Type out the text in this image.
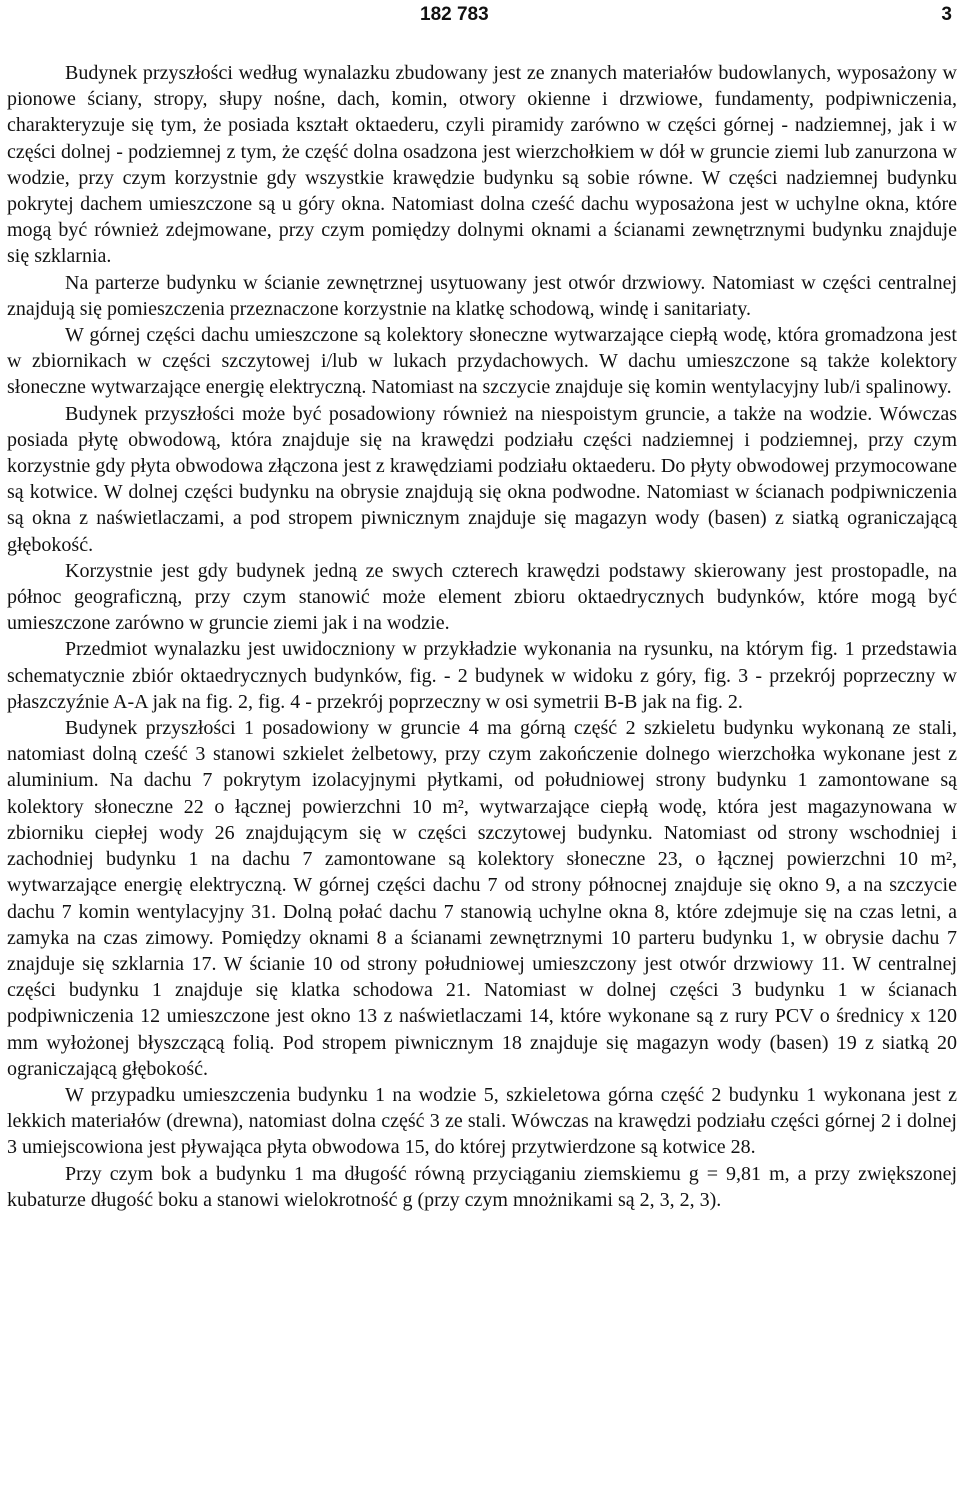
182 783	3

Budynek przyszłości według wynalazku zbudowany jest ze znanych materiałów budowlanych, wyposażony w pionowe ściany, stropy, słupy nośne, dach, komin, otwory okienne i drzwiowe, fundamenty, podpiwniczenia, charakteryzuje się tym, że posiada kształt oktaederu, czyli piramidy zarówno w części górnej - nadziemnej, jak i w części dolnej - podziemnej z tym, że część dolna osadzona jest wierzchołkiem w dół w gruncie ziemi lub zanurzona w wodzie, przy czym korzystnie gdy wszystkie krawędzie budynku są sobie równe. W części nadziemnej budynku pokrytej dachem umieszczone są u góry okna. Natomiast dolna cześć dachu wyposażona jest w uchylne okna, które mogą być również zdejmowane, przy czym pomiędzy dolnymi oknami a ścianami zewnętrznymi budynku znajduje się szklarnia.

Na parterze budynku w ścianie zewnętrznej usytuowany jest otwór drzwiowy. Natomiast w części centralnej znajdują się pomieszczenia przeznaczone korzystnie na klatkę schodową, windę i sanitariaty.

W górnej części dachu umieszczone są kolektory słoneczne wytwarzające ciepłą wodę, która gromadzona jest w zbiornikach w części szczytowej i/lub w lukach przydachowych. W dachu umieszczone są także kolektory słoneczne wytwarzające energię elektryczną. Natomiast na szczycie znajduje się komin wentylacyjny lub/i spalinowy.

Budynek przyszłości może być posadowiony również na niespoistym gruncie, a także na wodzie. Wówczas posiada płytę obwodową, która znajduje się na krawędzi podziału części nadziemnej i podziemnej, przy czym korzystnie gdy płyta obwodowa złączona jest z krawędziami podziału oktaederu. Do płyty obwodowej przymocowane są kotwice. W dolnej części budynku na obrysie znajdują się okna podwodne. Natomiast w ścianach podpiwniczenia są okna z naświetlaczami, a pod stropem piwnicznym znajduje się magazyn wody (basen) z siatką ograniczającą głębokość.

Korzystnie jest gdy budynek jedną ze swych czterech krawędzi podstawy skierowany jest prostopadle, na północ geograficzną, przy czym stanowić może element zbioru oktaedrycznych budynków, które mogą być umieszczone zarówno w gruncie ziemi jak i na wodzie.

Przedmiot wynalazku jest uwidoczniony w przykładzie wykonania na rysunku, na którym fig. 1 przedstawia schematycznie zbiór oktaedrycznych budynków, fig. - 2 budynek w widoku z góry, fig. 3 - przekrój poprzeczny w płaszczyźnie A-A jak na fig. 2, fig. 4 - przekrój poprzeczny w osi symetrii B-B jak na fig. 2.

Budynek przyszłości 1 posadowiony w gruncie 4 ma górną część 2 szkieletu budynku wykonaną ze stali, natomiast dolną cześć 3 stanowi szkielet żelbetowy, przy czym zakończenie dolnego wierzchołka wykonane jest z aluminium. Na dachu 7 pokrytym izolacyjnymi płytkami, od południowej strony budynku 1 zamontowane są kolektory słoneczne 22 o łącznej powierzchni 10 m², wytwarzające ciepłą wodę, która jest magazynowana w zbiorniku ciepłej wody 26 znajdującym się w części szczytowej budynku. Natomiast od strony wschodniej i zachodniej budynku 1 na dachu 7 zamontowane są kolektory słoneczne 23, o łącznej powierzchni 10 m², wytwarzające energię elektryczną. W górnej części dachu 7 od strony północnej znajduje się okno 9, a na szczycie dachu 7 komin wentylacyjny 31. Dolną połać dachu 7 stanowią uchylne okna 8, które zdejmuje się na czas letni, a zamyka na czas zimowy. Pomiędzy oknami 8 a ścianami zewnętrznymi 10 parteru budynku 1, w obrysie dachu 7 znajduje się szklarnia 17. W ścianie 10 od strony południowej umieszczony jest otwór drzwiowy 11. W centralnej części budynku 1 znajduje się klatka schodowa 21. Natomiast w dolnej części 3 budynku 1 w ścianach podpiwniczenia 12 umieszczone jest okno 13 z naświetlaczami 14, które wykonane są z rury PCV o średnicy x 120 mm wyłożonej błyszczącą folią. Pod stropem piwnicznym 18 znajduje się magazyn wody (basen) 19 z siatką 20 ograniczającą głębokość.

W przypadku umieszczenia budynku 1 na wodzie 5, szkieletowa górna część 2 budynku 1 wykonana jest z lekkich materiałów (drewna), natomiast dolna część 3 ze stali. Wówczas na krawędzi podziału części górnej 2 i dolnej 3 umiejscowiona jest pływająca płyta obwodowa 15, do której przytwierdzone są kotwice 28.

Przy czym bok a budynku 1 ma długość równą przyciąganiu ziemskiemu g = 9,81 m, a przy zwiększonej kubaturze długość boku a stanowi wielokrotność g (przy czym mnożnikami są 2, 3, 2, 3).
